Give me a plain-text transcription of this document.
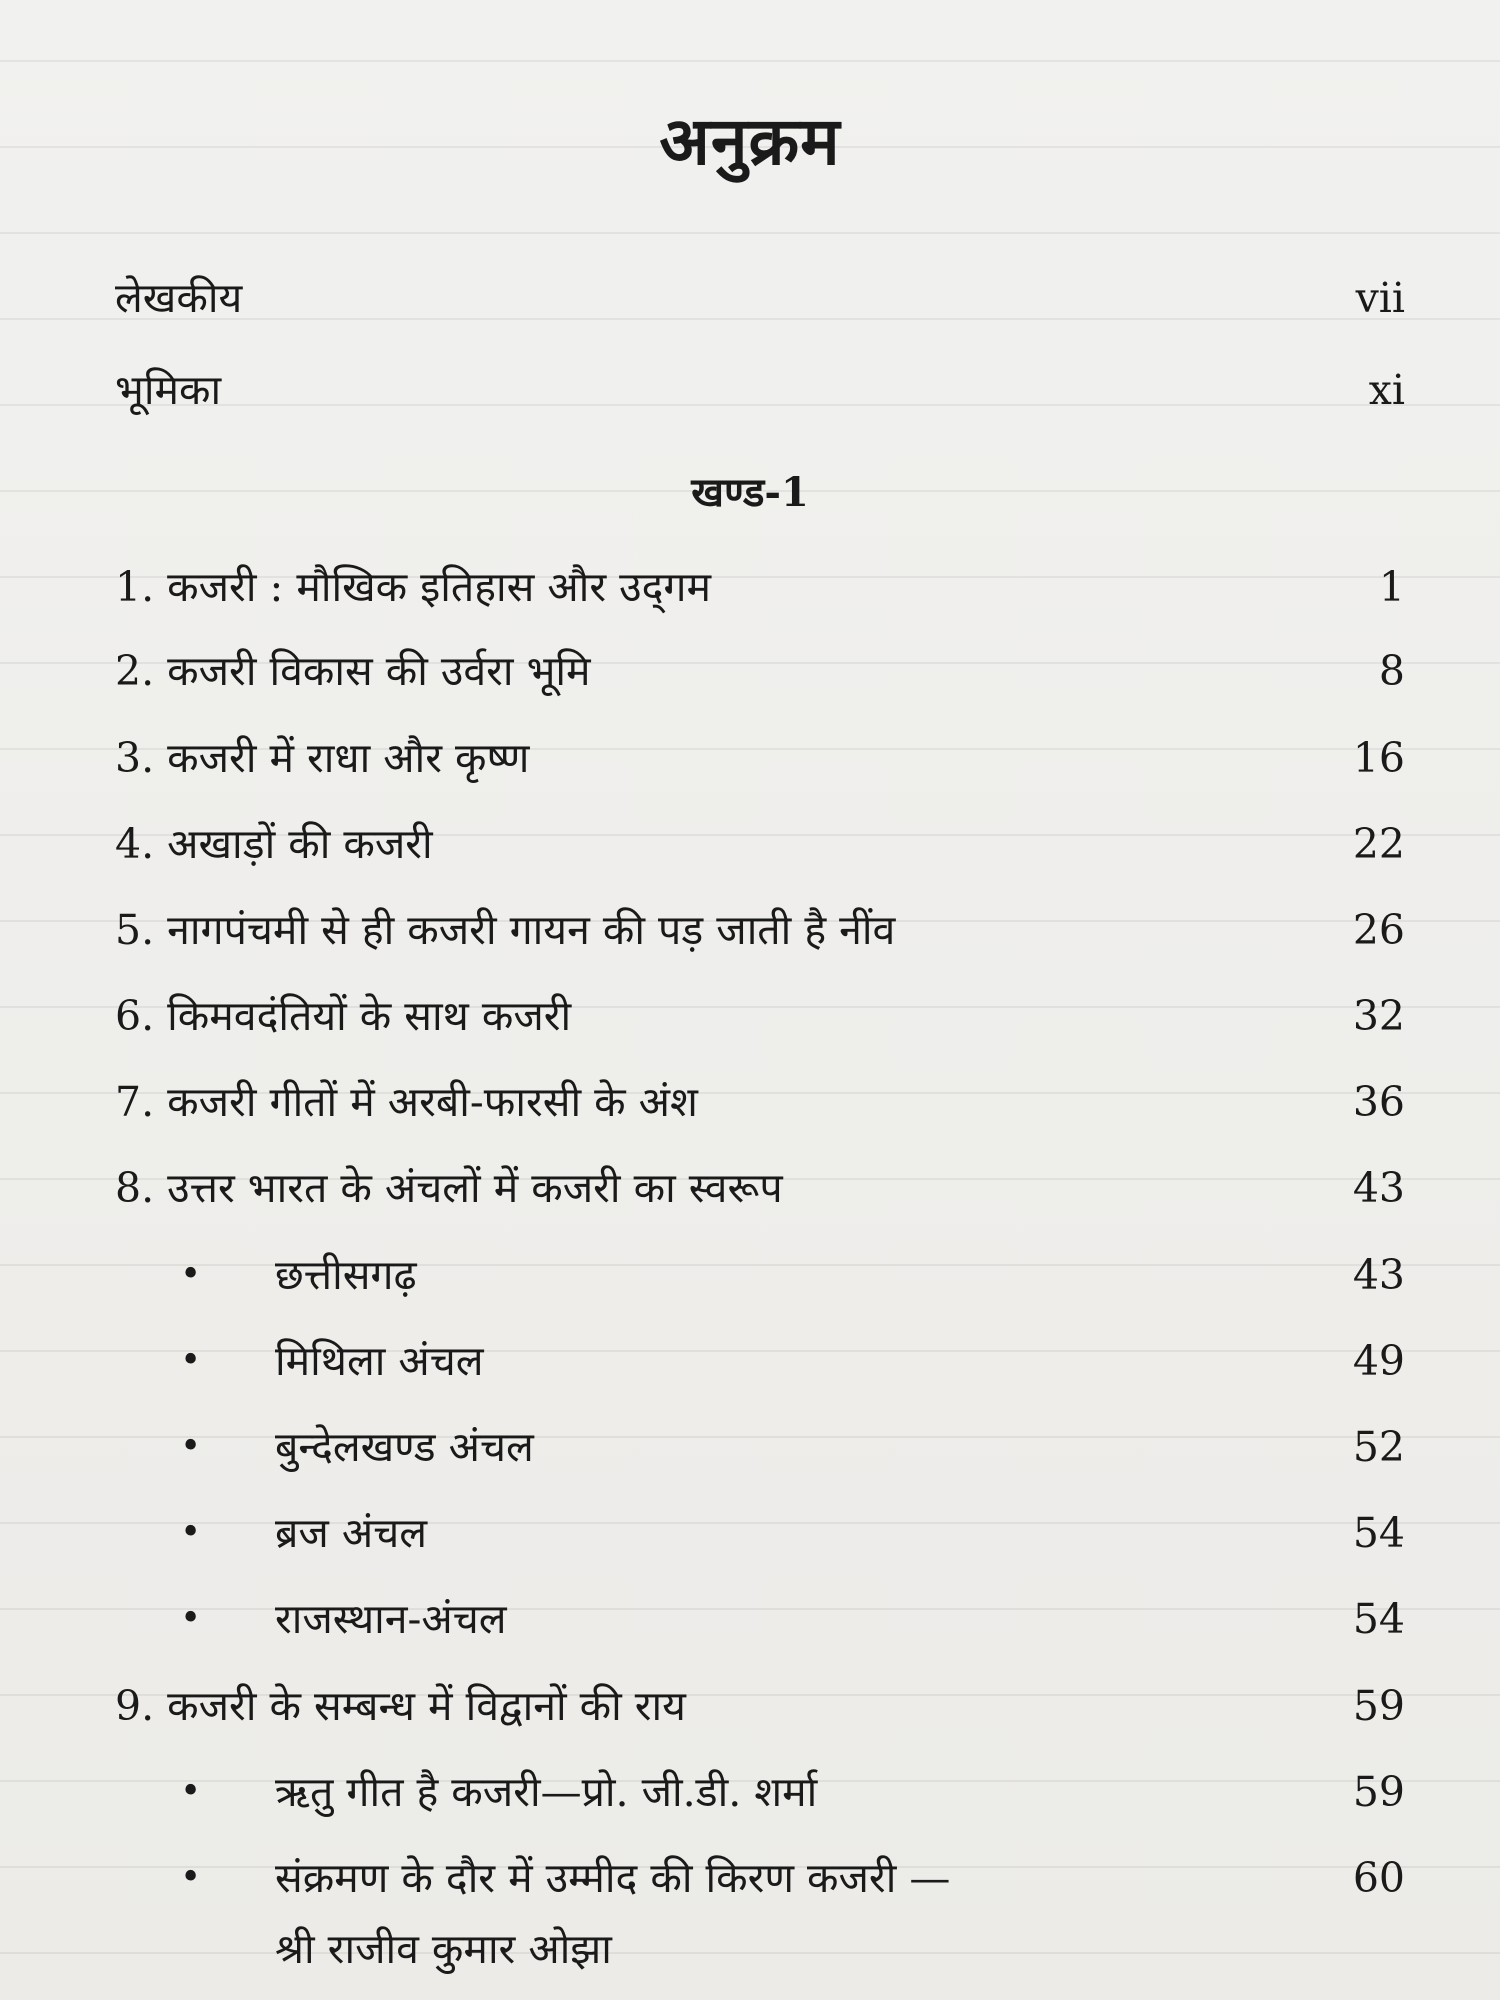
अनुक्रम
लेखकीय	vii
भूमिका	xi
खण्ड-1
1. कजरी : मौखिक इतिहास और उद्‌गम	1
2. कजरी विकास की उर्वरा भूमि	8
3. कजरी में राधा और कृष्ण	16
4. अखाड़ों की कजरी	22
5. नागपंचमी से ही कजरी गायन की पड़ जाती है नींव	26
6. किमवदंतियों के साथ कजरी	32
7. कजरी गीतों में अरबी-फारसी के अंश	36
8. उत्तर भारत के अंचलों में कजरी का स्वरूप	43
• छत्तीसगढ़	43
• मिथिला अंचल	49
• बुन्देलखण्ड अंचल	52
• ब्रज अंचल	54
• राजस्थान-अंचल	54
9. कजरी के सम्बन्ध में विद्वानों की राय	59
• ऋतु गीत है कजरी—प्रो. जी.डी. शर्मा	59
• संक्रमण के दौर में उम्मीद की किरण कजरी —	60
श्री राजीव कुमार ओझा
